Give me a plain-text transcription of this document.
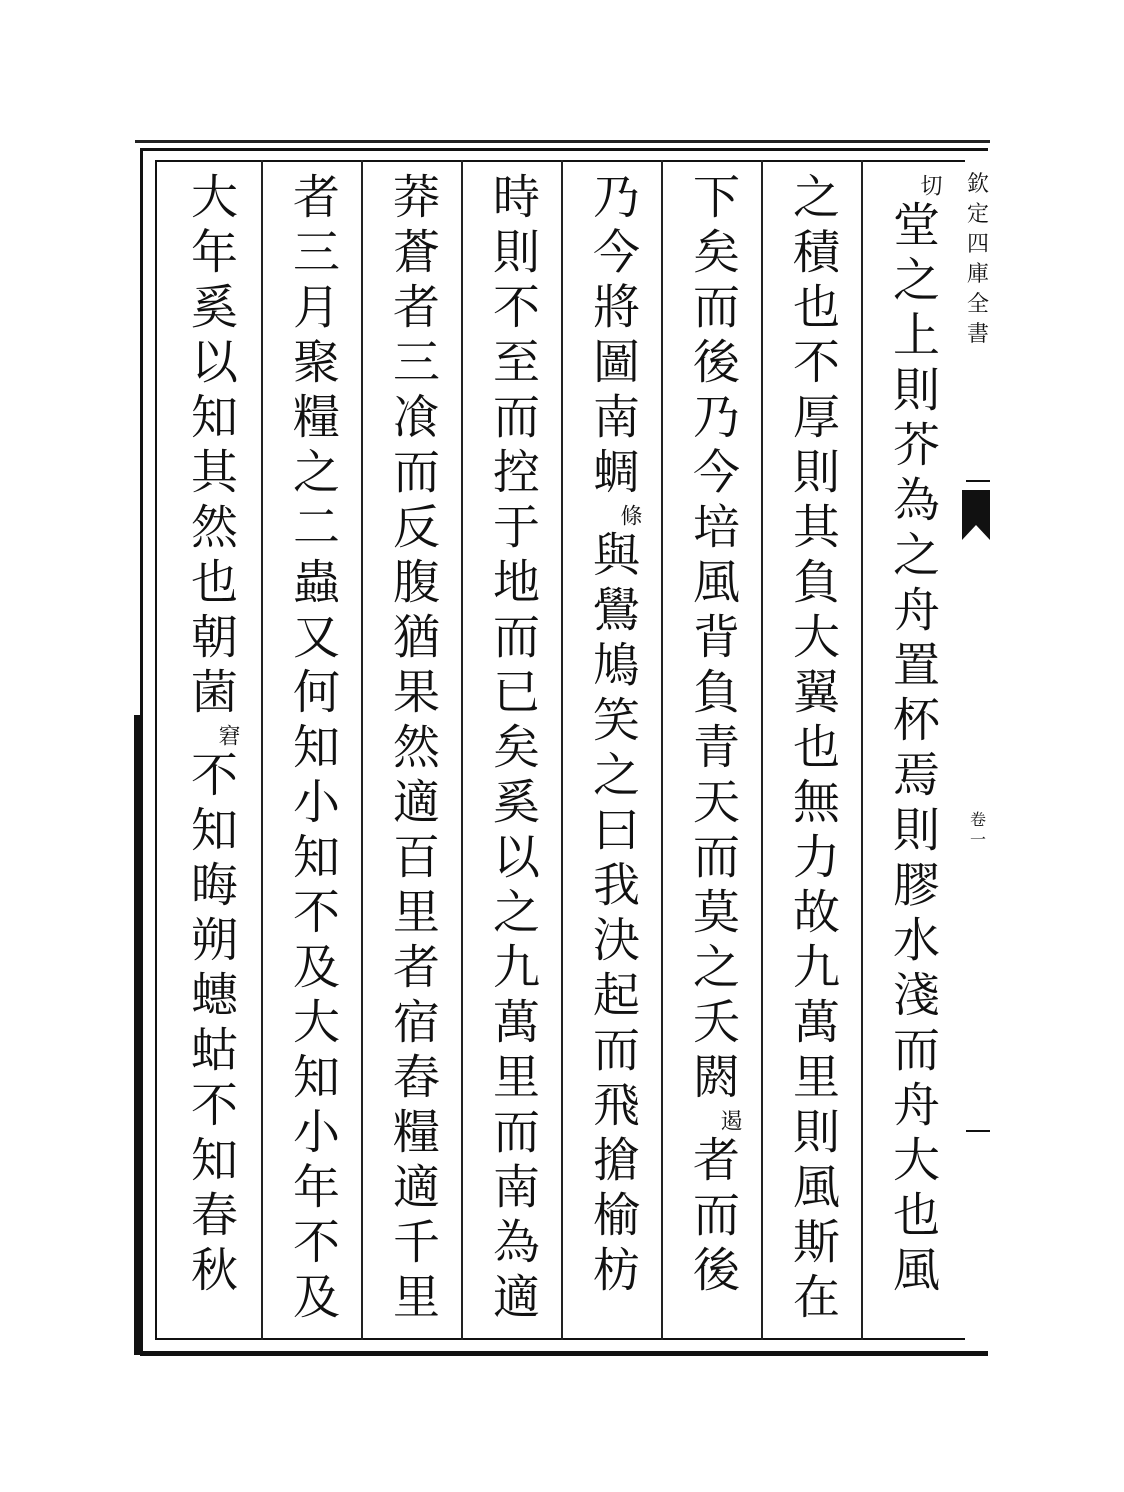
欽定四庫全書
卷一
切
堂之上則芥為之舟置杯焉則膠水淺而舟大也風
之積也不厚則其負大翼也無力故九萬里則風斯在
下矣而後乃今培風背負青天而莫之夭閼
遏
者而後
乃今將圖南蜩
條
與鷽鳩笑之曰我決起而飛搶榆枋
時則不至而控于地而已矣奚以之九萬里而南為適
莽蒼者三飡而反腹猶果然適百里者宿舂糧適千里
者三月聚糧之二蟲又何知小知不及大知小年不及
大年奚以知其然也朝菌
窘
不知晦朔蟪蛄不知春秋
